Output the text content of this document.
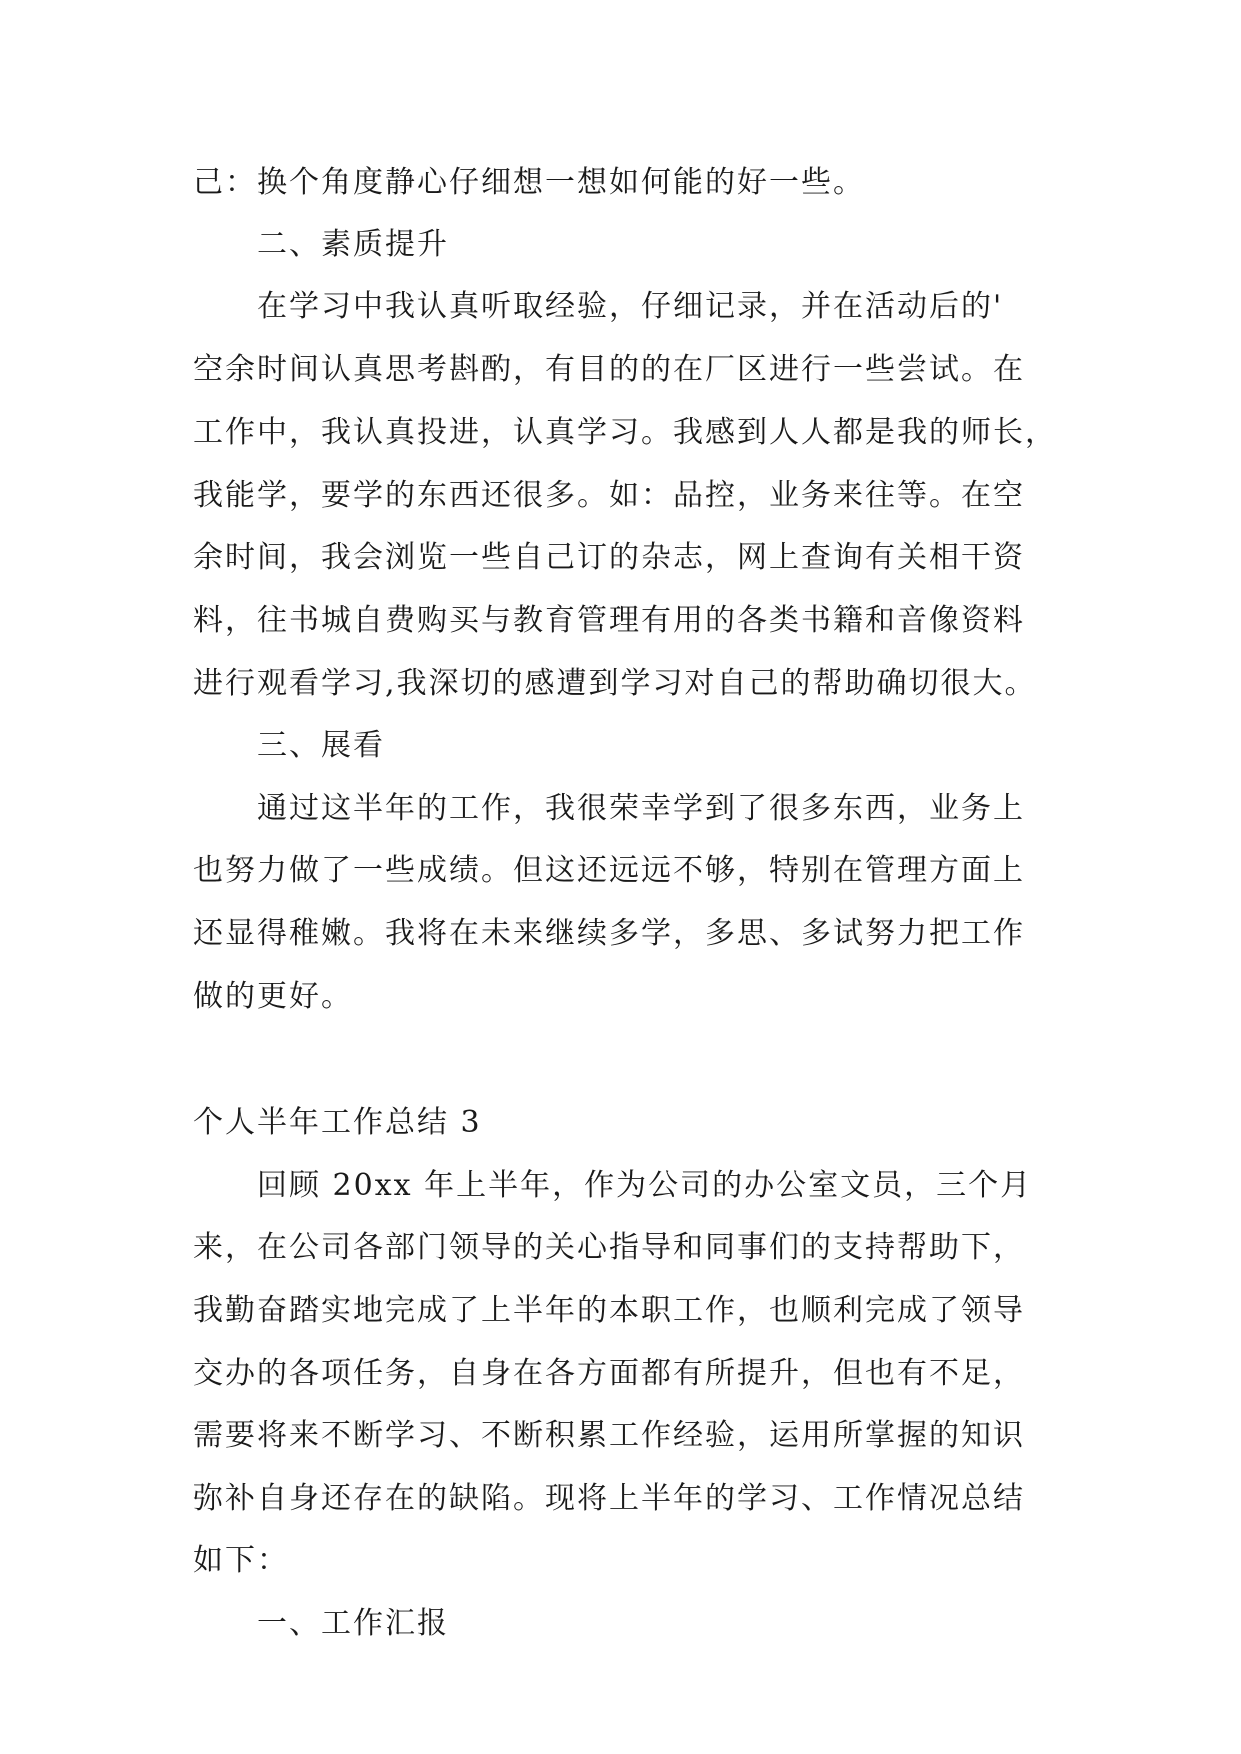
己：换个角度静心仔细想一想如何能的好一些。
二、素质提升
在学习中我认真听取经验，仔细记录，并在活动后的'
空余时间认真思考斟酌，有目的的在厂区进行一些尝试。在
工作中，我认真投进，认真学习。我感到人人都是我的师长，
我能学，要学的东西还很多。如：品控，业务来往等。在空
余时间，我会浏览一些自己订的杂志，网上查询有关相干资
料，往书城自费购买与教育管理有用的各类书籍和音像资料
进行观看学习,我深切的感遭到学习对自己的帮助确切很大。
三、展看
通过这半年的工作，我很荣幸学到了很多东西，业务上
也努力做了一些成绩。但这还远远不够，特别在管理方面上
还显得稚嫩。我将在未来继续多学，多思、多试努力把工作
做的更好。
个人半年工作总结 3
回顾 20xx 年上半年，作为公司的办公室文员，三个月
来，在公司各部门领导的关心指导和同事们的支持帮助下，
我勤奋踏实地完成了上半年的本职工作，也顺利完成了领导
交办的各项任务，自身在各方面都有所提升，但也有不足，
需要将来不断学习、不断积累工作经验，运用所掌握的知识
弥补自身还存在的缺陷。现将上半年的学习、工作情况总结
如下：
一、工作汇报
